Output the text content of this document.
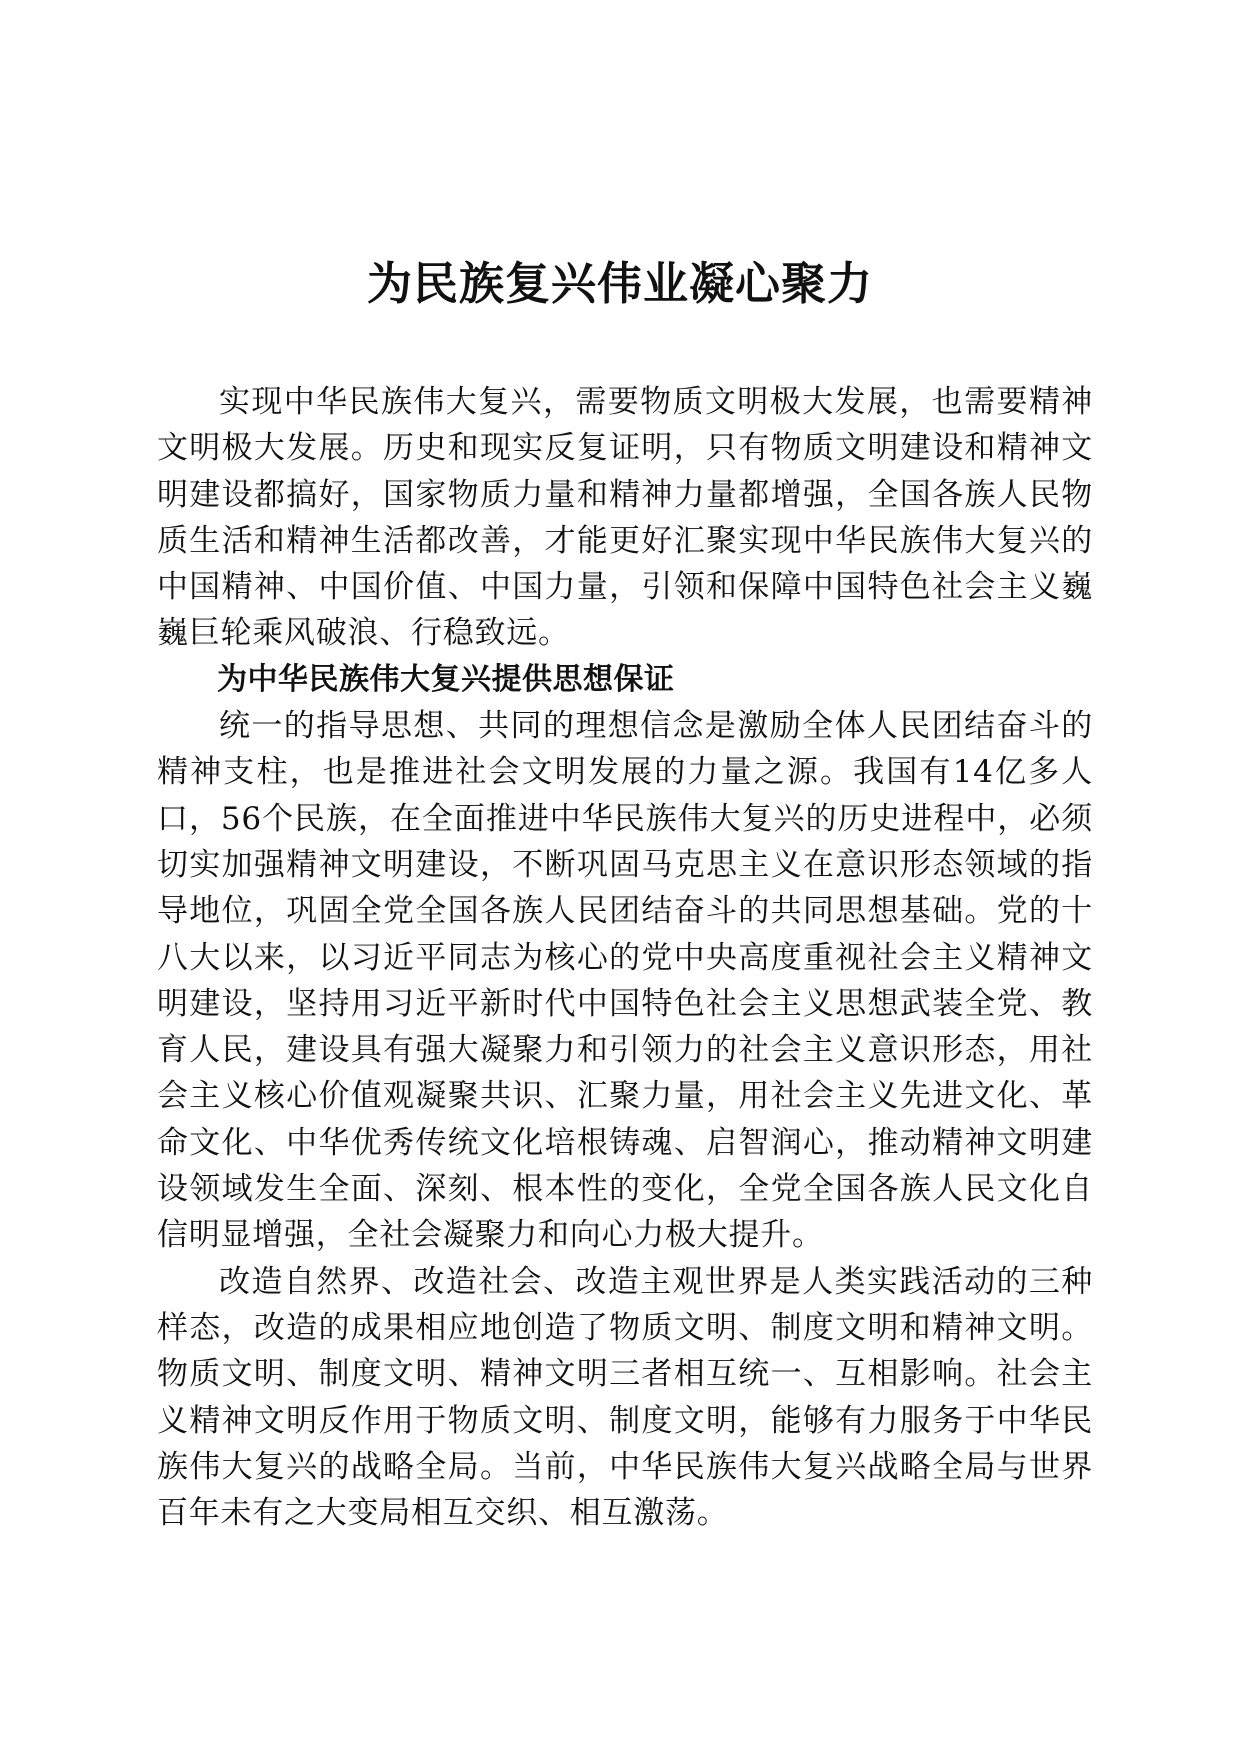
为民族复兴伟业凝心聚力

实现中华民族伟大复兴，需要物质文明极大发展，也需要精神文明极大发展。历史和现实反复证明，只有物质文明建设和精神文明建设都搞好，国家物质力量和精神力量都增强，全国各族人民物质生活和精神生活都改善，才能更好汇聚实现中华民族伟大复兴的中国精神、中国价值、中国力量，引领和保障中国特色社会主义巍巍巨轮乘风破浪、行稳致远。

为中华民族伟大复兴提供思想保证

统一的指导思想、共同的理想信念是激励全体人民团结奋斗的精神支柱，也是推进社会文明发展的力量之源。我国有14亿多人口，56个民族，在全面推进中华民族伟大复兴的历史进程中，必须切实加强精神文明建设，不断巩固马克思主义在意识形态领域的指导地位，巩固全党全国各族人民团结奋斗的共同思想基础。党的十八大以来，以习近平同志为核心的党中央高度重视社会主义精神文明建设，坚持用习近平新时代中国特色社会主义思想武装全党、教育人民，建设具有强大凝聚力和引领力的社会主义意识形态，用社会主义核心价值观凝聚共识、汇聚力量，用社会主义先进文化、革命文化、中华优秀传统文化培根铸魂、启智润心，推动精神文明建设领域发生全面、深刻、根本性的变化，全党全国各族人民文化自信明显增强，全社会凝聚力和向心力极大提升。

改造自然界、改造社会、改造主观世界是人类实践活动的三种样态，改造的成果相应地创造了物质文明、制度文明和精神文明。物质文明、制度文明、精神文明三者相互统一、互相影响。社会主义精神文明反作用于物质文明、制度文明，能够有力服务于中华民族伟大复兴的战略全局。当前，中华民族伟大复兴战略全局与世界百年未有之大变局相互交织、相互激荡。
